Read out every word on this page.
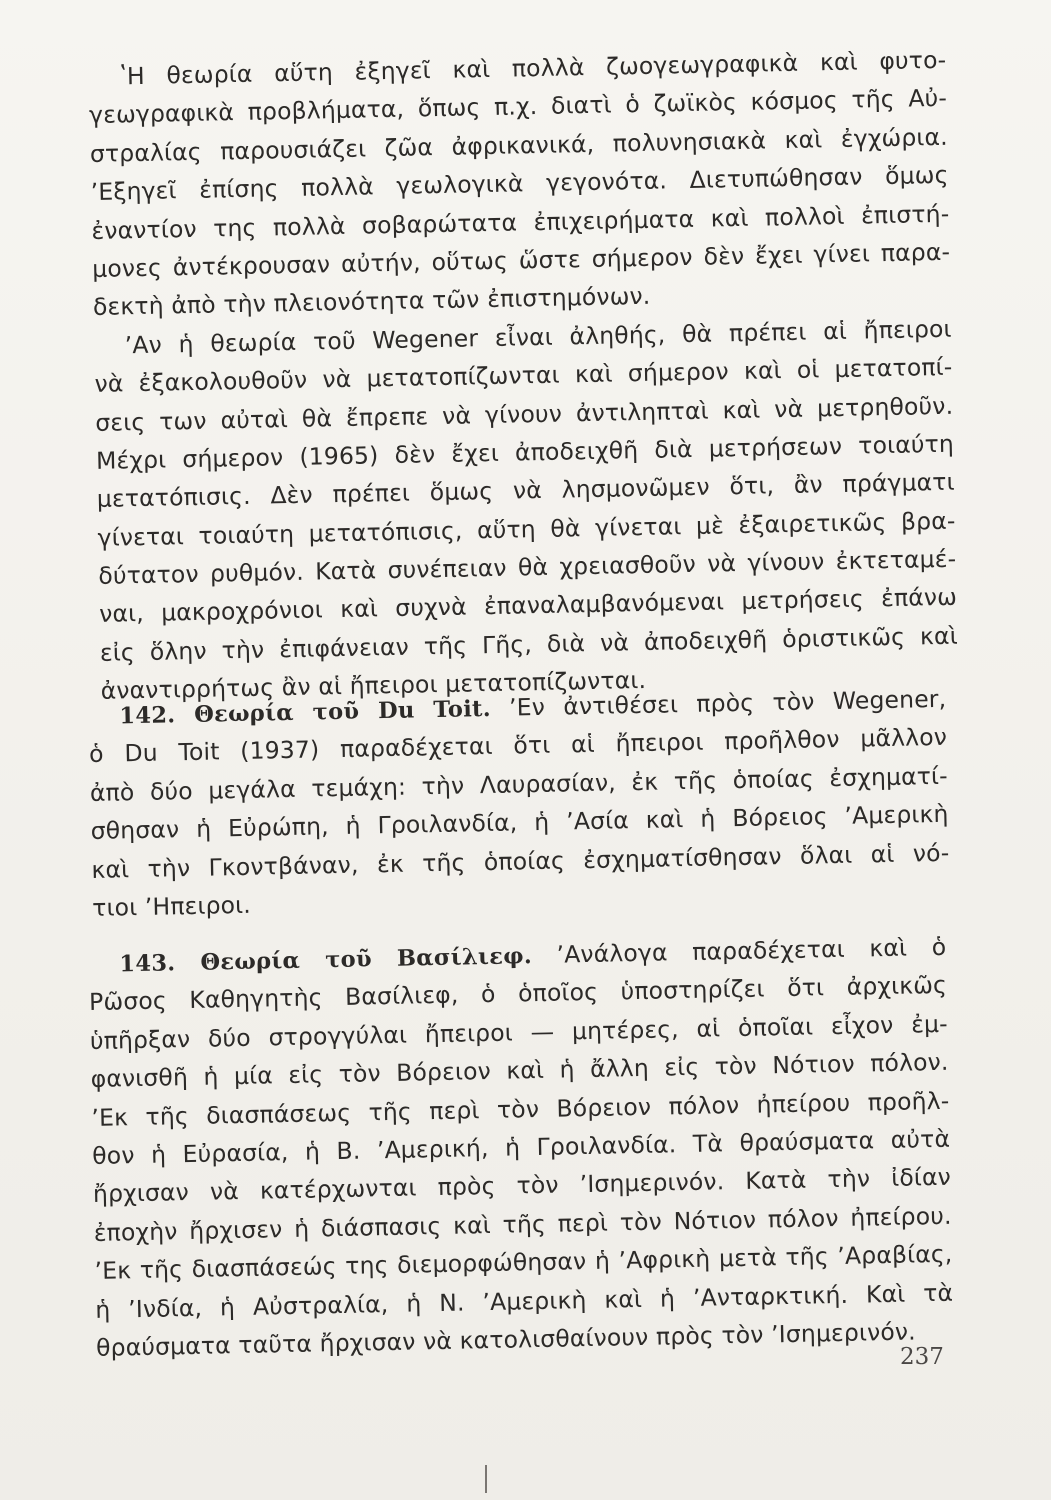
ʽΗ θεωρία αὕτη ἐξηγεῖ καὶ πολλὰ ζωογεωγραφικὰ καὶ φυτο-
γεωγραφικὰ προβλήματα, ὅπως π.χ. διατὶ ὁ ζωϊκὸς κόσμος τῆς Αὐ-
στραλίας παρουσιάζει ζῶα ἀφρικανικά, πολυνησιακὰ καὶ ἐγχώρια.
ʼΕξηγεῖ ἐπίσης πολλὰ γεωλογικὰ γεγονότα. Διετυπώθησαν ὅμως
ἐναντίον της πολλὰ σοβαρώτατα ἐπιχειρήματα καὶ πολλοὶ ἐπιστή-
μονες ἀντέκρουσαν αὐτήν, οὕτως ὥστε σήμερον δὲν ἔχει γίνει παρα-
δεκτὴ ἀπὸ τὴν πλειονότητα τῶν ἐπιστημόνων.
ʼΑν ἡ θεωρία τοῦ Wegener εἶναι ἀληθής, θὰ πρέπει αἱ ἤπειροι
νὰ ἐξακολουθοῦν νὰ μετατοπίζωνται καὶ σήμερον καὶ οἱ μετατοπί-
σεις των αὐταὶ θὰ ἔπρεπε νὰ γίνουν ἀντιληπταὶ καὶ νὰ μετρηθοῦν.
Μέχρι σήμερον (1965) δὲν ἔχει ἀποδειχθῆ διὰ μετρήσεων τοιαύτη
μετατόπισις. Δὲν πρέπει ὅμως νὰ λησμονῶμεν ὅτι, ἂν πράγματι
γίνεται τοιαύτη μετατόπισις, αὕτη θὰ γίνεται μὲ ἐξαιρετικῶς βρα-
δύτατον ρυθμόν. Κατὰ συνέπειαν θὰ χρειασθοῦν νὰ γίνουν ἐκτεταμέ-
ναι, μακροχρόνιοι καὶ συχνὰ ἐπαναλαμβανόμεναι μετρήσεις ἐπάνω
εἰς ὅλην τὴν ἐπιφάνειαν τῆς Γῆς, διὰ νὰ ἀποδειχθῆ ὁριστικῶς καὶ
ἀναντιρρήτως ἂν αἱ ἤπειροι μετατοπίζωνται.
142. Θεωρία τοῦ Du Toit. ʼΕν ἀντιθέσει πρὸς τὸν Wegener,
ὁ Du Toit (1937) παραδέχεται ὅτι αἱ ἤπειροι προῆλθον μᾶλλον
ἀπὸ δύο μεγάλα τεμάχη: τὴν Λαυρασίαν, ἐκ τῆς ὁποίας ἐσχηματί-
σθησαν ἡ Εὐρώπη, ἡ Γροιλανδία, ἡ ʼΑσία καὶ ἡ Βόρειος ʼΑμερικὴ
καὶ τὴν Γκοντβάναν, ἐκ τῆς ὁποίας ἐσχηματίσθησαν ὅλαι αἱ νό-
τιοι ʼΗπειροι.
143. Θεωρία τοῦ Βασίλιεφ. ʼΑνάλογα παραδέχεται καὶ ὁ
Ρῶσος Καθηγητὴς Βασίλιεφ, ὁ ὁποῖος ὑποστηρίζει ὅτι ἀρχικῶς
ὑπῆρξαν δύο στρογγύλαι ἤπειροι — μητέρες, αἱ ὁποῖαι εἶχον ἐμ-
φανισθῆ ἡ μία εἰς τὸν Βόρειον καὶ ἡ ἄλλη εἰς τὸν Νότιον πόλον.
ʼΕκ τῆς διασπάσεως τῆς περὶ τὸν Βόρειον πόλον ἠπείρου προῆλ-
θον ἡ Εὐρασία, ἡ Β. ʼΑμερική, ἡ Γροιλανδία. Τὰ θραύσματα αὐτὰ
ἤρχισαν νὰ κατέρχωνται πρὸς τὸν ʼΙσημερινόν. Κατὰ τὴν ἰδίαν
ἐποχὴν ἤρχισεν ἡ διάσπασις καὶ τῆς περὶ τὸν Νότιον πόλον ἠπείρου.
ʼΕκ τῆς διασπάσεώς της διεμορφώθησαν ἡ ʼΑφρικὴ μετὰ τῆς ʼΑραβίας,
ἡ ʼΙνδία, ἡ Αὐστραλία, ἡ Ν. ʼΑμερικὴ καὶ ἡ ʼΑνταρκτική. Καὶ τὰ
θραύσματα ταῦτα ἤρχισαν νὰ κατολισθαίνουν πρὸς τὸν ʼΙσημερινόν.
237
